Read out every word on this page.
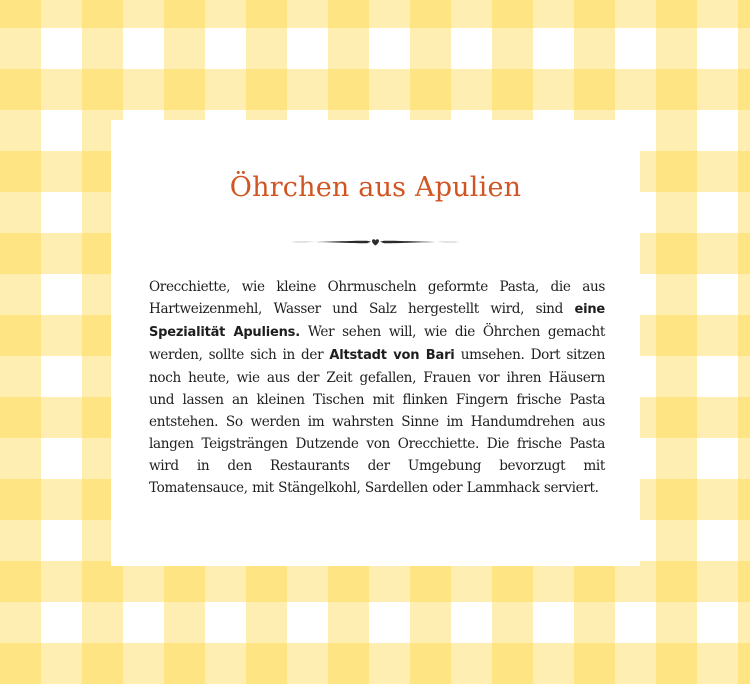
Öhrchen aus Apulien

Orecchiette, wie kleine Ohrmuscheln geformte Pasta, die aus Hartweizenmehl, Wasser und Salz hergestellt wird, sind eine Spezialität Apuliens. Wer sehen will, wie die Öhrchen gemacht werden, sollte sich in der Altstadt von Bari umsehen. Dort sitzen noch heute, wie aus der Zeit gefallen, Frauen vor ihren Häusern und lassen an kleinen Tischen mit flinken Fingern frische Pasta entstehen. So werden im wahrsten Sinne im Handumdrehen aus langen Teigsträngen Dutzende von Orecchiette. Die frische Pasta wird in den Restaurants der Umgebung bevorzugt mit Tomatensauce, mit Stängelkohl, Sardellen oder Lammhack serviert.
